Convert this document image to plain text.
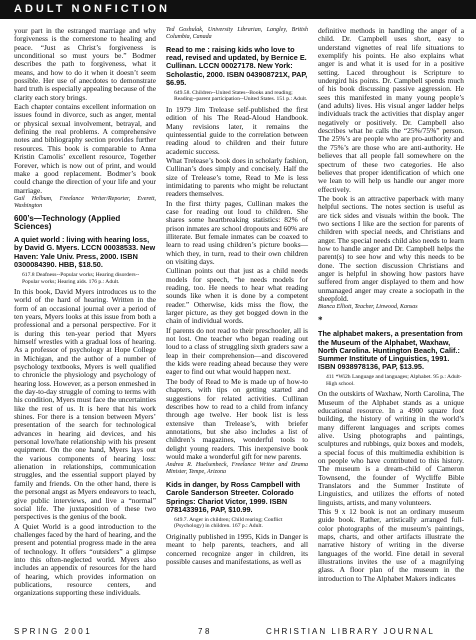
ADULT NONFICTION

your part in the estranged marriage and why forgiveness is the cornerstone to healing and peace. “Just as Christ’s forgiveness is unconditional so must yours be.” Bodmer describes the path to forgiveness, what it means, and how to do it when it doesn’t seem possible. Her use of anecdotes to demonstrate hard truth is especially appealing because of the clarity each story brings.

Each chapter contains excellent information on issues found in divorce, such as anger, mental or physical sexual involvement, betrayal, and defining the real problems. A comprehensive notes and bibliography section provides further resources. This book is comparable to Anna Kristin Camolis’ excellent resource, Together Forever, which is now out of print, and would make a good replacement. Bodmer’s book could change the direction of your life and your marriage.

Gail Helbum, Freelance Writer/Reporter, Everett, Washington
600’s—Technology (Applied Sciences)
A quiet world : living with hearing loss, by David G. Myers. LCCN 00038533. New Haven: Yale Univ. Press, 2000. ISBN 0300084390. HBB, $18.50.
617.8 Deafness--Popular works; Hearing disorders--Popular works; Hearing aids. 176 p.: Adult.

In this book, David Myers introduces us to the world of the hard of hearing. Written in the form of an occasional journal over a period of ten years, Myers looks at this issue from both a professional and a personal perspective. For it is during this ten-year period that Myers himself wrestles with a gradual loss of hearing. As a professor of psychology at Hope College in Michigan, and the author of a number of psychology textbooks, Myers is well qualified to chronicle the physiology and psychology of hearing loss. However, as a person enmeshed in the day-to-day struggle of coming to terms with his condition, Myers must face the uncertainties like the rest of us. It is here that his work shines. For there is a tension between Myers’ presentation of the search for technological advances in hearing aid devices, and his personal love/hate relationship with his present equipment. On the one hand, Myers lays out the various components of hearing loss: alienation in relationships, communication struggles, and the essential support played by family and friends. On the other hand, there is the personal angst as Myers endeavors to teach, give public interviews, and live a “normal” social life. The juxtaposition of these two perspectives is the genius of the book.

A Quiet World is a good introduction to the challenges faced by the hard of hearing, and the present and potential progress made in the area of technology. It offers “outsiders” a glimpse into this often-neglected world. Myers also includes an appendix of resources for the hard of hearing, which provides information on publications, resource centers, and organizations supporting these individuals.

Ted Goshulak, University Librarian, Langley, British Columbia, Canada
Read to me : raising kids who love to read, revised and updated, by Bernice E. Cullinan. LCCN 00027178. New York: Scholastic, 2000. ISBN 043908721X, PAP, $6.95.
649.58. Children--United States--Books and reading; Reading--parent participation--United States. 151 p.: Adult.

In 1979 Jim Trelease self-published the first edition of his The Read-Aloud Handbook. Many revisions later, it remains the quintessential guide to the correlation between reading aloud to children and their future academic success.

What Trelease’s book does in scholarly fashion, Cullinan’s does simply and concisely. Half the size of Trelease’s tome, Read to Me is less intimidating to parents who might be reluctant readers themselves.

In the first thirty pages, Cullinan makes the case for reading out loud to children. She shares some heartbreaking statistics: 82% of prison inmates are school dropouts and 60% are illiterate. But female inmates can be coaxed to learn to read using children’s picture books—which they, in turn, read to their own children on visiting days.

Cullinan points out that just as a child needs models for speech, “he needs models for reading, too. He needs to hear what reading sounds like when it is done by a competent reader.” Otherwise, kids miss the flow, the larger picture, as they get bogged down in the chain of individual words.

If parents do not read to their preschooler, all is not lost. One teacher who began reading out loud to a class of struggling sixth graders saw a leap in their comprehension—and discovered the kids were reading ahead because they were eager to find out what would happen next.

The body of Read to Me is made up of how-to chapters, with tips on getting started and suggestions for related activities. Cullinan describes how to read to a child from infancy through age twelve. Her book list is less extensive than Trelease’s, with briefer annotations, but she also includes a list of children’s magazines, wonderful tools to delight young readers. This inexpensive book would make a wonderful gift for new parents.

Andrea R. Huelsenbeck, Freelance Writer and Drama Minister, Tempe, Arizona
Kids in danger, by Ross Campbell with Carole Sanderson Streeter. Colorado Springs: Chariot Victor, 1999. ISBN 0781433916, PAP, $10.99.
649.7. Anger in children; Child rearing; Conflict (Psychology) in children. 167 p.: Adult.

Originally published in 1995, Kids in Danger is meant to help parents, teachers, and all concerned recognize anger in children, its possible causes and manifestations, as well as

definitive methods in handling the anger of a child. Dr. Campbell uses short, easy to understand vignettes of real life situations to exemplify his points. He also explains what anger is and what it is used for in a positive setting. Laced throughout is Scripture to undergird his points. Dr. Campbell spends much of his book discussing passive aggression. He sees this manifested in many young people’s (and adults) lives. His visual anger ladder helps individuals track the activities that display anger negatively or positively. Dr. Campbell also describes what he calls the “25%/75%” person. The 25%’s are people who are pro-authority and the 75%’s are those who are anti-authority. He believes that all people fall somewhere on the spectrum of these two categories. He also believes that proper identification of which one we lean to will help us handle our anger more effectively.

The book is an attractive paperback with many helpful sections. The notes section is useful as are tick sides and visuals within the book. The two sections I like are the section for parents of children with special needs, and Christians and anger. The special needs child also needs to learn how to handle anger and Dr. Campbell helps the parent(s) to see how and why this needs to be done. The section discussion Christians and anger is helpful in showing how pastors have suffered from anger displayed to them and how unmanaged anger may create a sociopath in the sheepfold.

Bianca Elliott, Teacher, Linwood, Kansas
*
The alphabet makers, a presentation from the Museum of the Alphabet, Waxhaw, North Carolina. Huntington Beach, Calif.: Summer Institute of Linguistics, 1991. ISBN 0938978136, PAP, $13.95.
411 *Wi2h Language and languages; Alphabet. 95 p.: Adult-High school.

On the outskirts of Waxhaw, North Carolina, The Museum of the Alphabet stands as a unique educational resource. In a 4900 square foot building, the history of writing in the world’s many different languages and scripts comes alive. Using photographs and paintings, sculptures and rubbings, quiz boxes and models, a special focus of this multimedia exhibition is on people who have contributed to this history. The museum is a dream-child of Cameron Townsend, the founder of Wycliffe Bible Translators and the Summer Institute of Linguistics, and utilizes the efforts of noted linguists, artists, and many volunteers.

This 9 x 12 book is not an ordinary museum guide book. Rather, artistically arranged full-color photographs of the museum’s paintings, maps, charts, and other artifacts illustrate the narrative history of writing in the diverse languages of the world. Fine detail in several illustrations invites the use of a magnifying glass. A floor plan of the museum in the introduction to The Alphabet Makers indicates

SPRING 2001	78	CHRISTIAN LIBRARY JOURNAL
